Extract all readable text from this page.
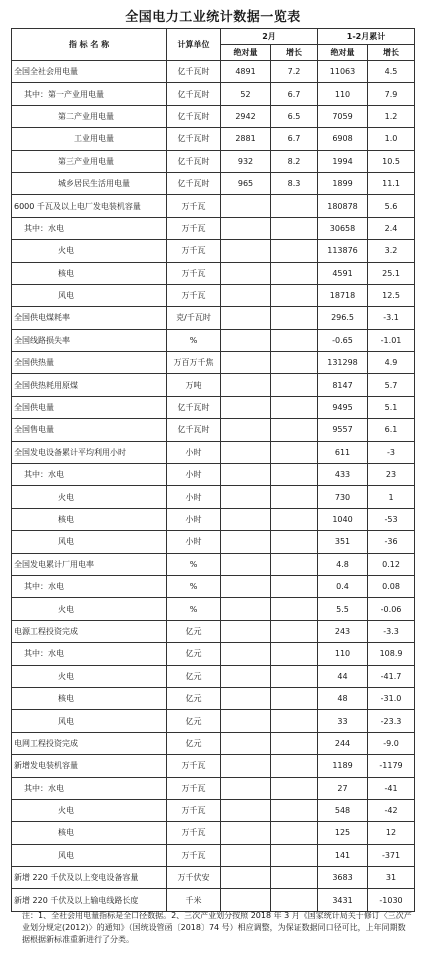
全国电力工业统计数据一览表
指 标 名 称	计算单位	2月		1-2月累计	
		绝对量	增长	绝对量	增长
全国全社会用电量	亿千瓦时	4891	7.2	11063	4.5
其中：第一产业用电量	亿千瓦时	52	6.7	110	7.9
第二产业用电量	亿千瓦时	2942	6.5	7059	1.2
工业用电量	亿千瓦时	2881	6.7	6908	1.0
第三产业用电量	亿千瓦时	932	8.2	1994	10.5
城乡居民生活用电量	亿千瓦时	965	8.3	1899	11.1
6000 千瓦及以上电厂发电装机容量	万千瓦			180878	5.6
其中：水电	万千瓦			30658	2.4
火电	万千瓦			113876	3.2
核电	万千瓦			4591	25.1
风电	万千瓦			18718	12.5
全国供电煤耗率	克/千瓦时			296.5	-3.1
全国线路损失率	%			-0.65	-1.01
全国供热量	万百万千焦			131298	4.9
全国供热耗用原煤	万吨			8147	5.7
全国供电量	亿千瓦时			9495	5.1
全国售电量	亿千瓦时			9557	6.1
全国发电设备累计平均利用小时	小时			611	-3
其中：水电	小时			433	23
火电	小时			730	1
核电	小时			1040	-53
风电	小时			351	-36
全国发电累计厂用电率	%			4.8	0.12
其中：水电	%			0.4	0.08
火电	%			5.5	-0.06
电源工程投资完成	亿元			243	-3.3
其中：水电	亿元			110	108.9
火电	亿元			44	-41.7
核电	亿元			48	-31.0
风电	亿元			33	-23.3
电网工程投资完成	亿元			244	-9.0
新增发电装机容量	万千瓦			1189	-1179
其中：水电	万千瓦			27	-41
火电	万千瓦			548	-42
核电	万千瓦			125	12
风电	万千瓦			141	-371
新增 220 千伏及以上变电设备容量	万千伏安			3683	31
新增 220 千伏及以上输电线路长度	千米			3431	-1030
注：1、全社会用电量指标是全口径数据。2、三次产业划分按照 2018 年 3 月《国家统计局关于修订〈三次产业划分规定(2012)〉的通知》（国统设管函〔2018〕74 号）相应调整，为保证数据同口径可比，上年同期数据根据新标准重新进行了分类。
